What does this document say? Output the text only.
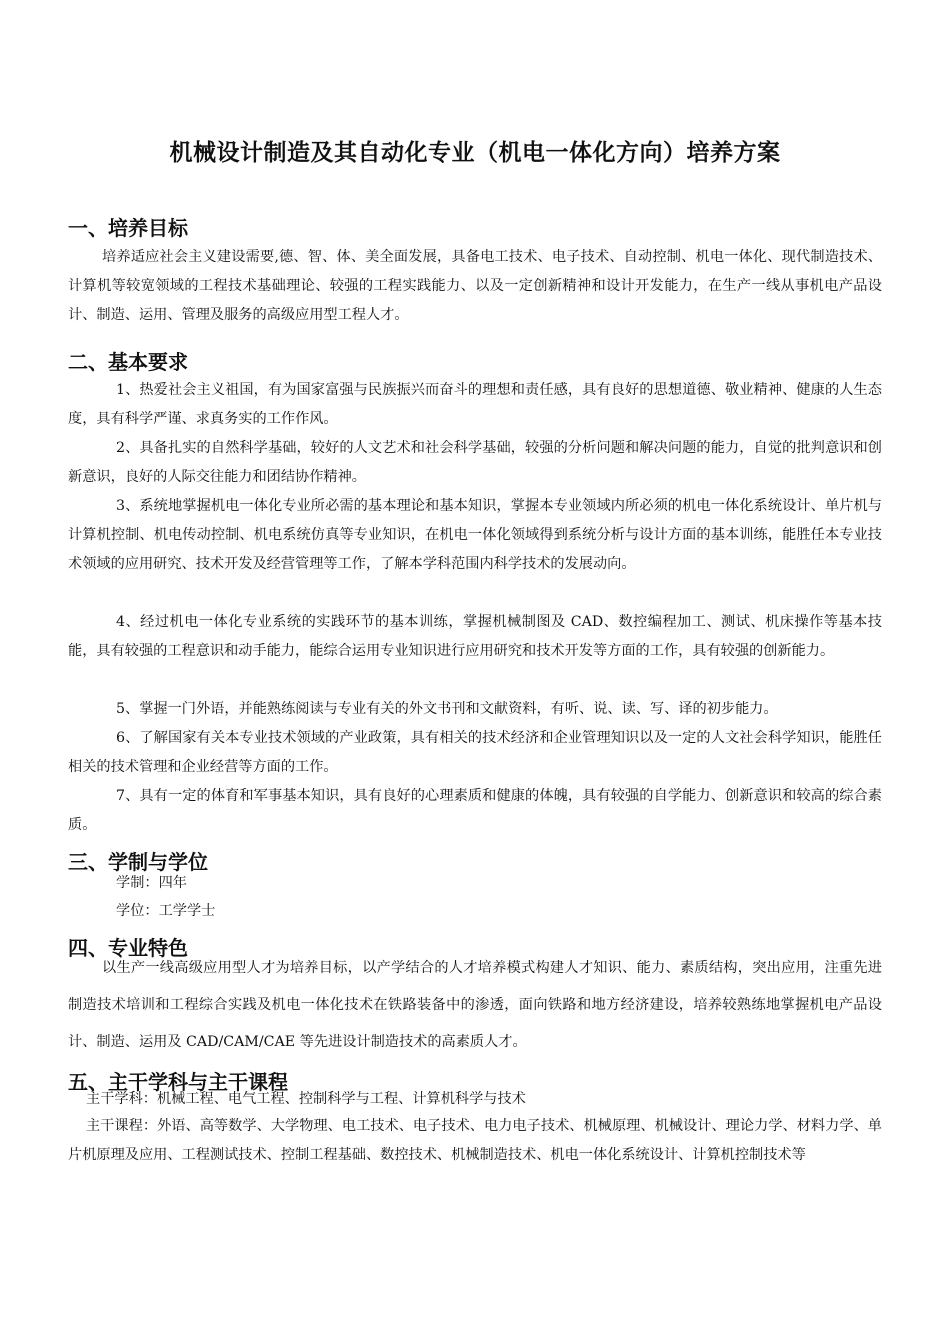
机械设计制造及其自动化专业（机电一体化方向）培养方案
一、培养目标
培养适应社会主义建设需要,德、智、体、美全面发展，具备电工技术、电子技术、自动控制、机电一体化、现代制造技术、计算机等较宽领域的工程技术基础理论、较强的工程实践能力、以及一定创新精神和设计开发能力，在生产一线从事机电产品设计、制造、运用、管理及服务的高级应用型工程人才。
二、基本要求
1、热爱社会主义祖国，有为国家富强与民族振兴而奋斗的理想和责任感，具有良好的思想道德、敬业精神、健康的人生态度，具有科学严谨、求真务实的工作作风。
2、具备扎实的自然科学基础，较好的人文艺术和社会科学基础，较强的分析问题和解决问题的能力，自觉的批判意识和创新意识，良好的人际交往能力和团结协作精神。
3、系统地掌握机电一体化专业所必需的基本理论和基本知识，掌握本专业领域内所必须的机电一体化系统设计、单片机与计算机控制、机电传动控制、机电系统仿真等专业知识，在机电一体化领域得到系统分析与设计方面的基本训练，能胜任本专业技术领域的应用研究、技术开发及经营管理等工作，了解本学科范围内科学技术的发展动向。
4、经过机电一体化专业系统的实践环节的基本训练，掌握机械制图及 CAD、数控编程加工、测试、机床操作等基本技能，具有较强的工程意识和动手能力，能综合运用专业知识进行应用研究和技术开发等方面的工作，具有较强的创新能力。
5、掌握一门外语，并能熟练阅读与专业有关的外文书刊和文献资料，有听、说、读、写、译的初步能力。
6、了解国家有关本专业技术领域的产业政策，具有相关的技术经济和企业管理知识以及一定的人文社会科学知识，能胜任相关的技术管理和企业经营等方面的工作。
7、具有一定的体育和军事基本知识，具有良好的心理素质和健康的体魄，具有较强的自学能力、创新意识和较高的综合素质。
三、学制与学位
学制：四年
学位：工学学士
四、专业特色
以生产一线高级应用型人才为培养目标，以产学结合的人才培养模式构建人才知识、能力、素质结构，突出应用，注重先进制造技术培训和工程综合实践及机电一体化技术在铁路装备中的渗透，面向铁路和地方经济建设，培养较熟练地掌握机电产品设计、制造、运用及 CAD/CAM/CAE 等先进设计制造技术的高素质人才。
五、主干学科与主干课程
主干学科：机械工程、电气工程、控制科学与工程、计算机科学与技术
主干课程：外语、高等数学、大学物理、电工技术、电子技术、电力电子技术、机械原理、机械设计、理论力学、材料力学、单片机原理及应用、工程测试技术、控制工程基础、数控技术、机械制造技术、机电一体化系统设计、计算机控制技术等
